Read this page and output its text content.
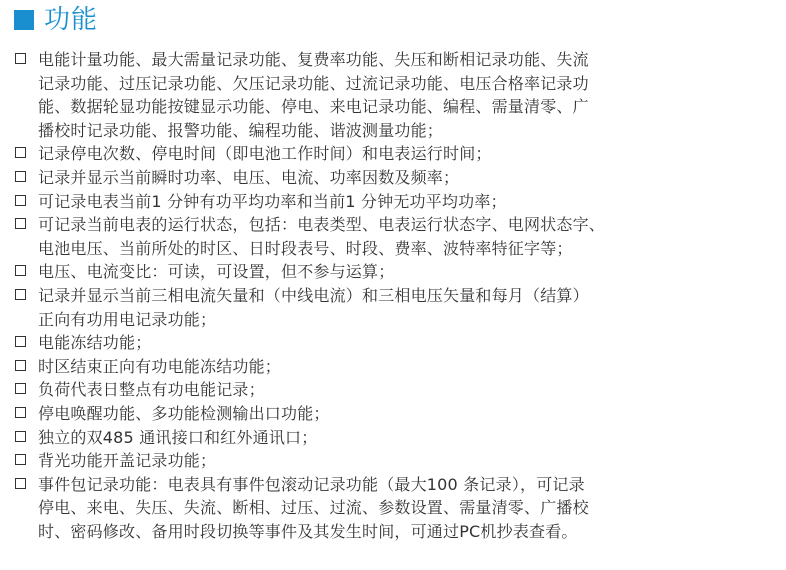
功能
电能计量功能、最大需量记录功能、复费率功能、失压和断相记录功能、失流
记录功能、过压记录功能、欠压记录功能、过流记录功能、电压合格率记录功
能、数据轮显功能按键显示功能、停电、来电记录功能、编程、需量清零、广
播校时记录功能、报警功能、编程功能、谐波测量功能；
记录停电次数、停电时间（即电池工作时间）和电表运行时间；
记录并显示当前瞬时功率、电压、电流、功率因数及频率；
可记录电表当前1 分钟有功平均功率和当前1 分钟无功平均功率；
可记录当前电表的运行状态，包括：电表类型、电表运行状态字、电网状态字、
电池电压、当前所处的时区、日时段表号、时段、费率、波特率特征字等；
电压、电流变比：可读，可设置，但不参与运算；
记录并显示当前三相电流矢量和（中线电流）和三相电压矢量和每月（结算）
正向有功用电记录功能；
电能冻结功能；
时区结束正向有功电能冻结功能；
负荷代表日整点有功电能记录；
停电唤醒功能、多功能检测输出口功能；
独立的双485 通讯接口和红外通讯口；
背光功能开盖记录功能；
事件包记录功能：电表具有事件包滚动记录功能（最大100 条记录），可记录
停电、来电、失压、失流、断相、过压、过流、参数设置、需量清零、广播校
时、密码修改、备用时段切换等事件及其发生时间，可通过PC机抄表查看。
